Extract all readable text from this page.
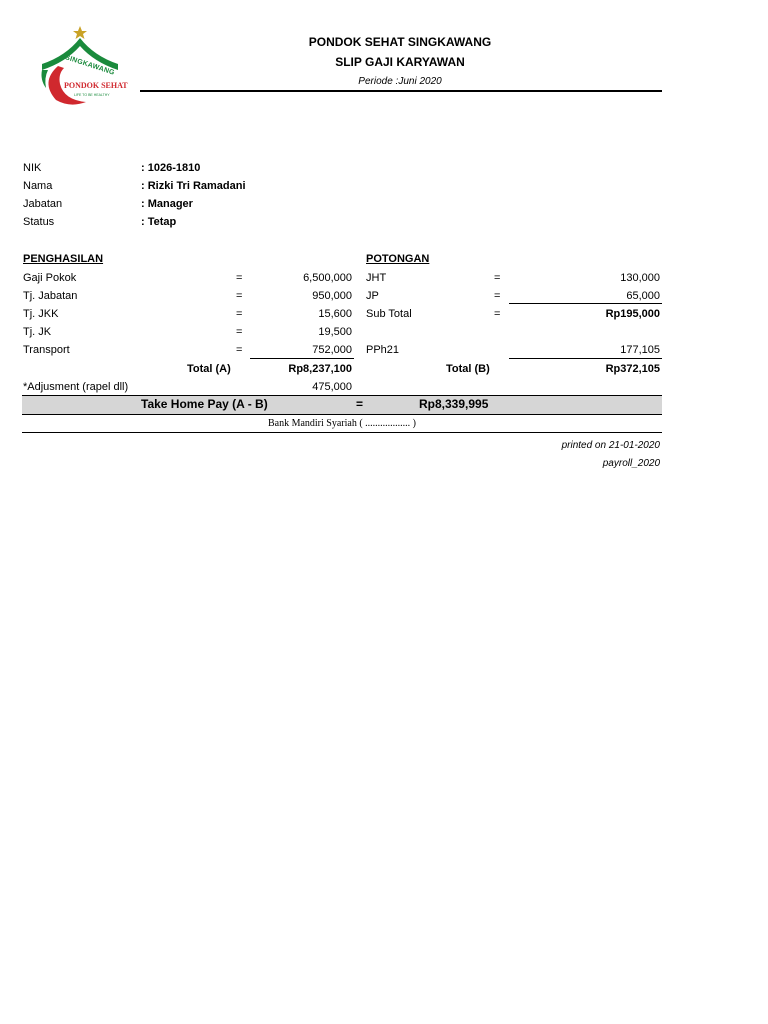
SINGKAWANG
PONDOK SEHAT
LIFE TO BE HEALTHY
PONDOK SEHAT SINGKAWANG
SLIP GAJI KARYAWAN
Periode :Juni 2020
NIK	: 1026-1810
Nama	: Rizki Tri Ramadani
Jabatan	: Manager
Status	: Tetap
PENGHASILAN
Gaji Pokok	=	6,500,000
Tj. Jabatan	=	950,000
Tj. JKK	=	15,600
Tj. JK	=	19,500
Transport	=	752,000
Total (A)	Rp8,237,100
*Adjusment (rapel dll)	475,000
POTONGAN
JHT	=	130,000
JP	=	65,000
Sub Total	=	Rp195,000
PPh21	177,105
Total (B)	Rp372,105
Take Home Pay (A - B)	=	Rp8,339,995
Bank Mandiri Syariah ( .................. )
printed on 21-01-2020
payroll_2020
